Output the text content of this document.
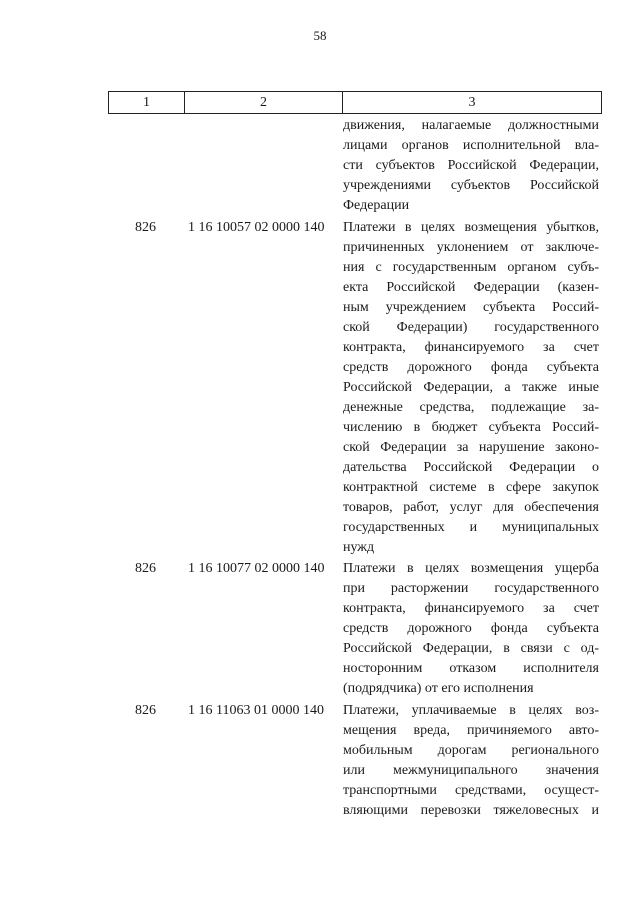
58
1	2	3
движения, налагаемые должностными
лицами органов исполнительной вла-
сти субъектов Российской Федерации,
учреждениями субъектов Российской
Федерации
826 1 16 10057 02 0000 140 Платежи в целях возмещения убытков,
причиненных уклонением от заключе-
ния с государственным органом субъ-
екта Российской Федерации (казен-
ным учреждением субъекта Россий-
ской Федерации) государственного
контракта, финансируемого за счет
средств дорожного фонда субъекта
Российской Федерации, а также иные
денежные средства, подлежащие за-
числению в бюджет субъекта Россий-
ской Федерации за нарушение законо-
дательства Российской Федерации о
контрактной системе в сфере закупок
товаров, работ, услуг для обеспечения
государственных и муниципальных
нужд
826 1 16 10077 02 0000 140 Платежи в целях возмещения ущерба
при расторжении государственного
контракта, финансируемого за счет
средств дорожного фонда субъекта
Российской Федерации, в связи с од-
носторонним отказом исполнителя
(подрядчика) от его исполнения
826 1 16 11063 01 0000 140 Платежи, уплачиваемые в целях воз-
мещения вреда, причиняемого авто-
мобильным дорогам регионального
или межмуниципального значения
транспортными средствами, осущест-
вляющими перевозки тяжеловесных и
